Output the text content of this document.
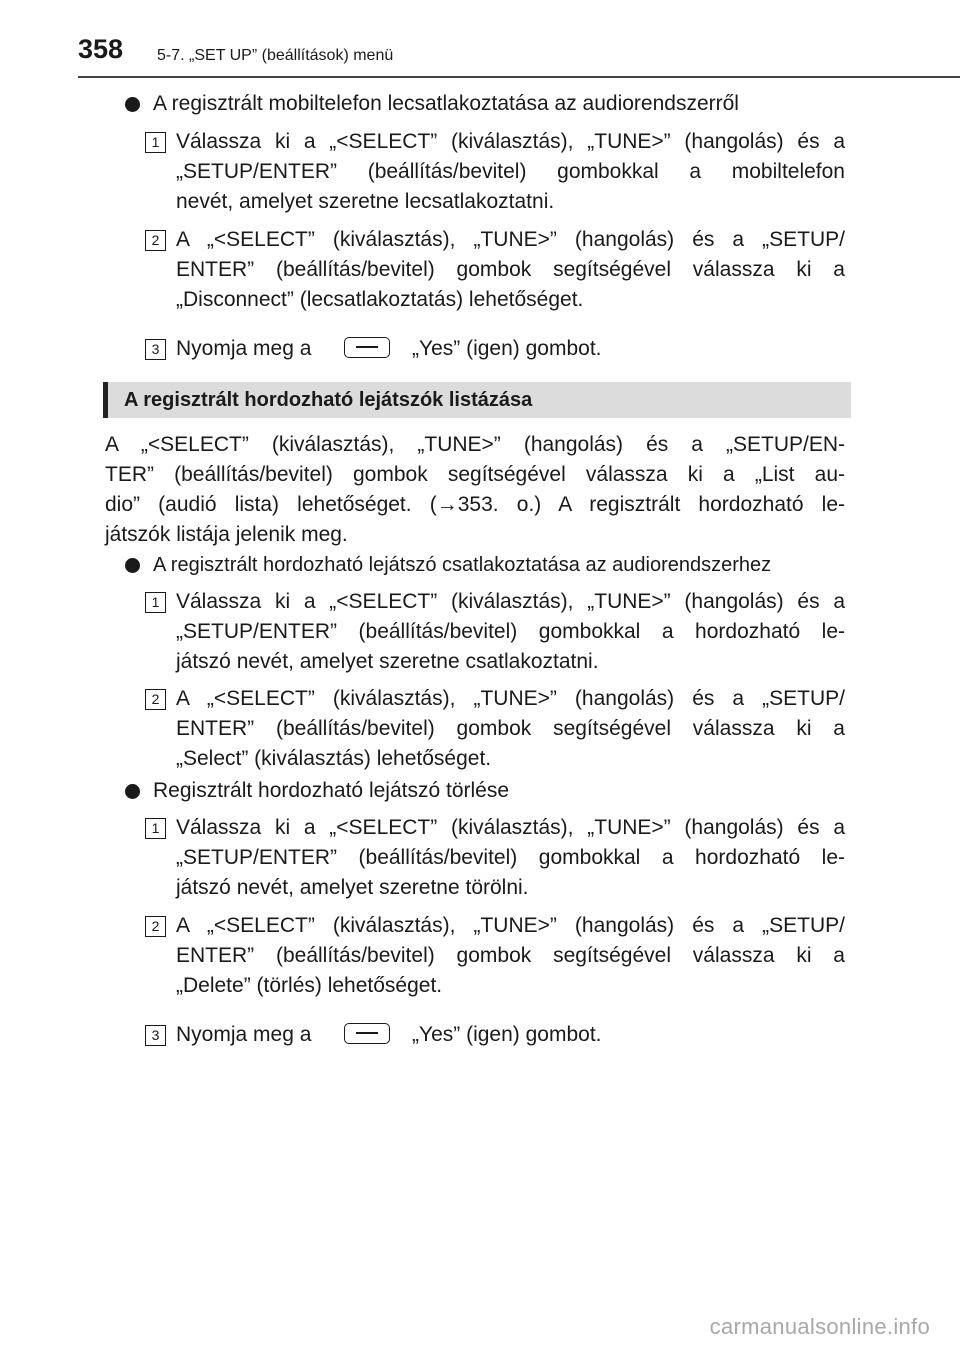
358 5-7. „SET UP” (beállítások) menü
A regisztrált mobiltelefon lecsatlakoztatása az audiorendszerről
1 Válassza ki a „<SELECT” (kiválasztás), „TUNE>” (hangolás) és a
„SETUP/ENTER” (beállítás/bevitel) gombokkal a mobiltelefon
nevét, amelyet szeretne lecsatlakoztatni.
2 A „<SELECT” (kiválasztás), „TUNE>” (hangolás) és a „SETUP/
ENTER” (beállítás/bevitel) gombok segítségével válassza ki a
„Disconnect” (lecsatlakoztatás) lehetőséget.
3 Nyomja meg a	„Yes” (igen) gombot.
A regisztrált hordozható lejátszók listázása
A „<SELECT” (kiválasztás), „TUNE>” (hangolás) és a „SETUP/EN-
TER” (beállítás/bevitel) gombok segítségével válassza ki a „List au-
dio” (audió lista) lehetőséget. (→353. o.) A regisztrált hordozható le-
játszók listája jelenik meg.
A regisztrált hordozható lejátszó csatlakoztatása az audiorendszerhez
1 Válassza ki a „<SELECT” (kiválasztás), „TUNE>” (hangolás) és a
„SETUP/ENTER” (beállítás/bevitel) gombokkal a hordozható le-
játszó nevét, amelyet szeretne csatlakoztatni.
2 A „<SELECT” (kiválasztás), „TUNE>” (hangolás) és a „SETUP/
ENTER” (beállítás/bevitel) gombok segítségével válassza ki a
„Select” (kiválasztás) lehetőséget.
Regisztrált hordozható lejátszó törlése
1 Válassza ki a „<SELECT” (kiválasztás), „TUNE>” (hangolás) és a
„SETUP/ENTER” (beállítás/bevitel) gombokkal a hordozható le-
játszó nevét, amelyet szeretne törölni.
2 A „<SELECT” (kiválasztás), „TUNE>” (hangolás) és a „SETUP/
ENTER” (beállítás/bevitel) gombok segítségével válassza ki a
„Delete” (törlés) lehetőséget.
3 Nyomja meg a	„Yes” (igen) gombot.
carmanualsonline.info
